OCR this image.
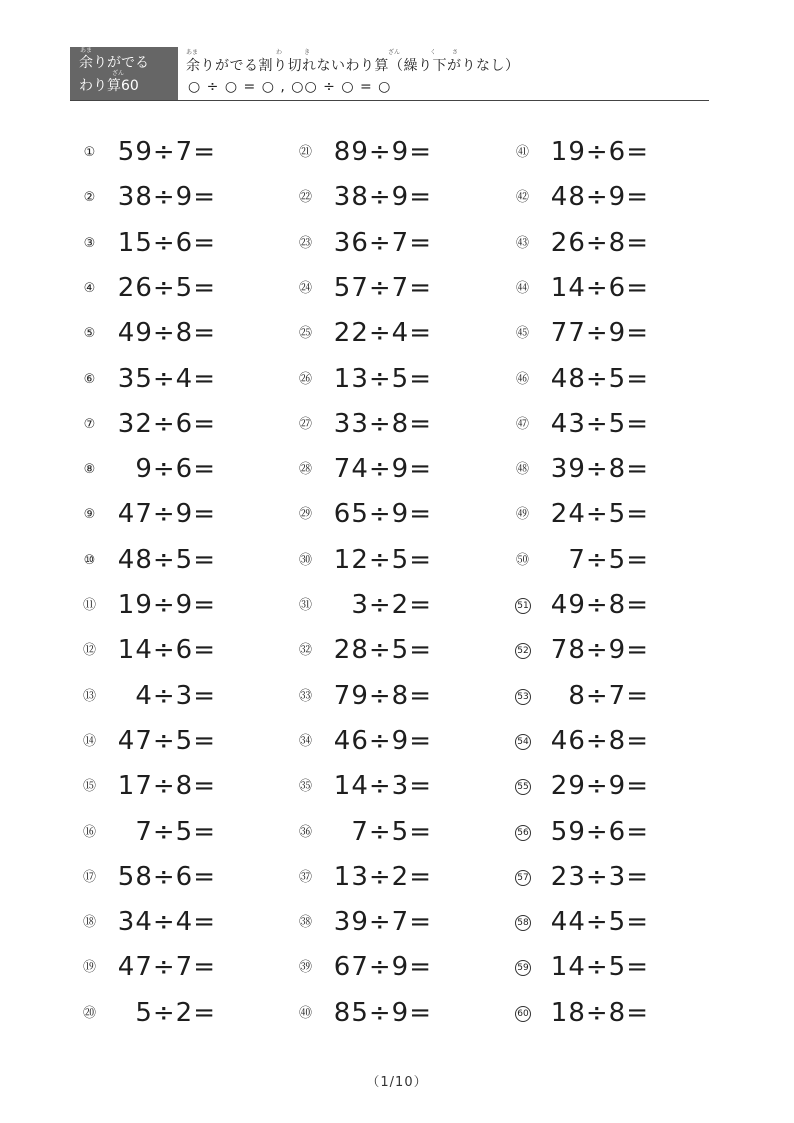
あま
余りがでる
ざん
わり算60
あま	わ	き	ざん	く	さ
余りがでる割り切れないわり算（繰り下がりなし）
○ ÷ ○ = ○ , ○○ ÷ ○ = ○
① 59÷7=
② 38÷9=
③ 15÷6=
④ 26÷5=
⑤ 49÷8=
⑥ 35÷4=
⑦ 32÷6=
⑧	9÷6=
⑨ 47÷9=
⑩ 48÷5=
⑪ 19÷9=
⑫ 14÷6=
⑬	4÷3=
⑭ 47÷5=
⑮ 17÷8=
⑯	7÷5=
⑰ 58÷6=
⑱ 34÷4=
⑲ 47÷7=
⑳	5÷2=
㉑ 89÷9=
㉒ 38÷9=
㉓ 36÷7=
㉔ 57÷7=
㉕ 22÷4=
㉖ 13÷5=
㉗ 33÷8=
㉘ 74÷9=
㉙ 65÷9=
㉚ 12÷5=
㉛	3÷2=
㉜ 28÷5=
㉝ 79÷8=
㉞ 46÷9=
㉟ 14÷3=
㊱	7÷5=
㊲ 13÷2=
㊳ 39÷7=
㊴ 67÷9=
㊵ 85÷9=
㊶ 19÷6=
㊷ 48÷9=
㊸ 26÷8=
㊹ 14÷6=
㊺ 77÷9=
㊻ 48÷5=
㊼ 43÷5=
㊽ 39÷8=
㊾ 24÷5=
㊿	7÷5=
51 49÷8=
52 78÷9=
53	8÷7=
54 46÷8=
55 29÷9=
56 59÷6=
57 23÷3=
58 44÷5=
59 14÷5=
60 18÷8=
（1/10）
